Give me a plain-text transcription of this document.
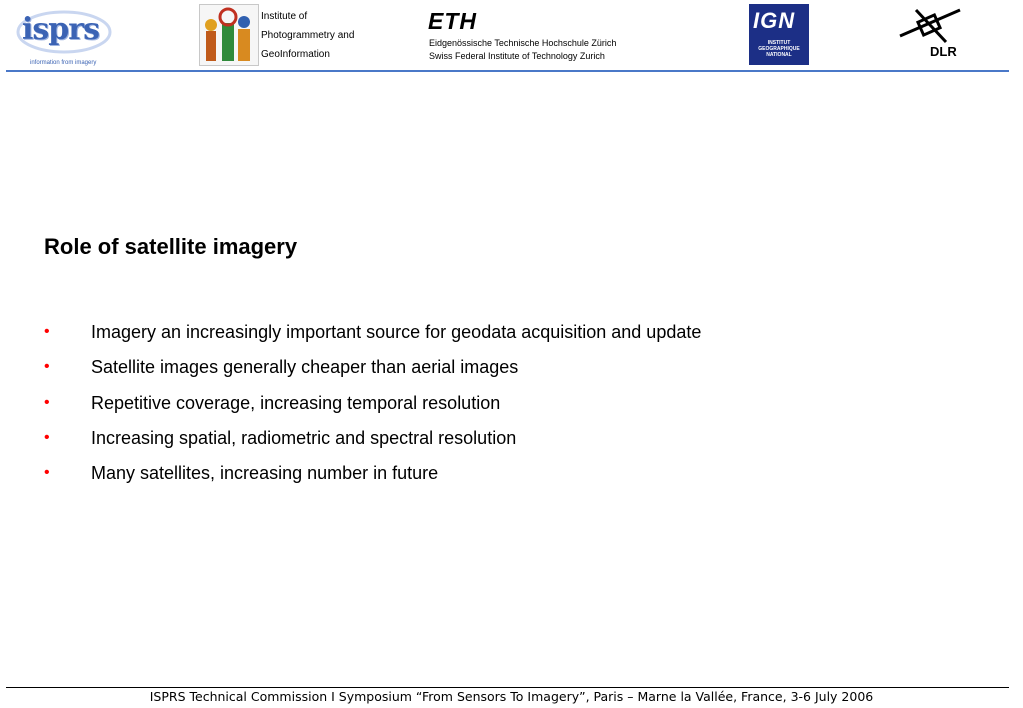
isprs
information from imagery
Institute of
Photogrammetry and
GeoInformation
ETH
Eidgenössische Technische Hochschule Zürich
Swiss Federal Institute of Technology Zurich
IGN
INSTITUT
GEOGRAPHIQUE
NATIONAL	DLR
Role of satellite imagery
• Imagery an increasingly important source for geodata acquisition and update
• Satellite images generally cheaper than aerial images
• Repetitive coverage, increasing temporal resolution
• Increasing spatial, radiometric and spectral resolution
• Many satellites, increasing number in future
ISPRS Technical Commission I Symposium “From Sensors To Imagery”, Paris – Marne la Vallée, France, 3-6 July 2006
